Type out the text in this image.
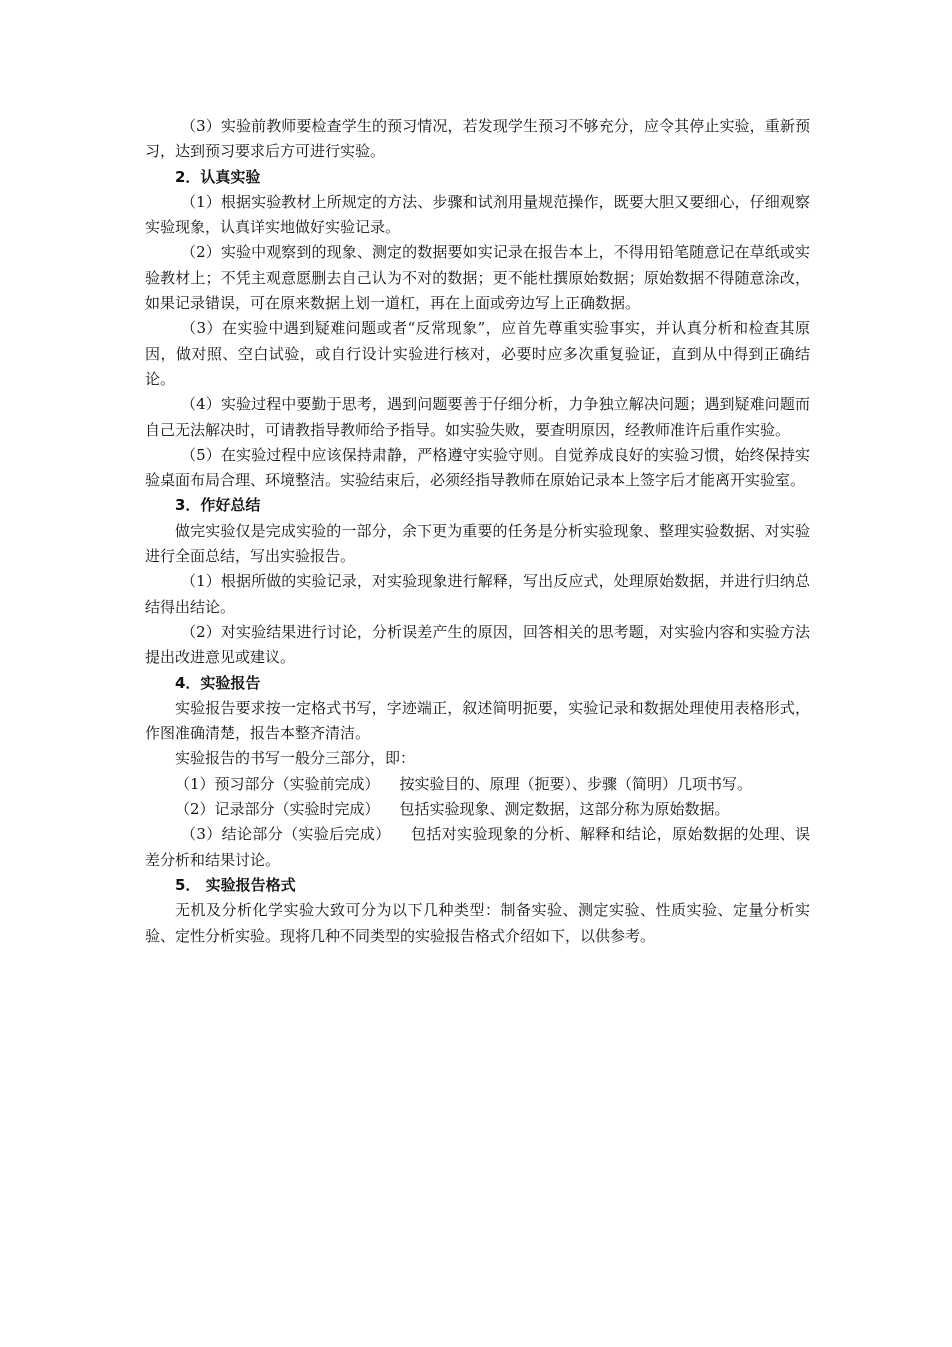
（3）实验前教师要检查学生的预习情况，若发现学生预习不够充分，应令其停止实验，重新预习，达到预习要求后方可进行实验。

2．认真实验

（1）根据实验教材上所规定的方法、步骤和试剂用量规范操作，既要大胆又要细心，仔细观察实验现象，认真详实地做好实验记录。

（2）实验中观察到的现象、测定的数据要如实记录在报告本上，不得用铅笔随意记在草纸或实验教材上；不凭主观意愿删去自己认为不对的数据；更不能杜撰原始数据；原始数据不得随意涂改，如果记录错误，可在原来数据上划一道杠，再在上面或旁边写上正确数据。

（3）在实验中遇到疑难问题或者“反常现象”，应首先尊重实验事实，并认真分析和检查其原因，做对照、空白试验，或自行设计实验进行核对，必要时应多次重复验证，直到从中得到正确结论。

（4）实验过程中要勤于思考，遇到问题要善于仔细分析，力争独立解决问题；遇到疑难问题而自己无法解决时，可请教指导教师给予指导。如实验失败，要查明原因，经教师准许后重作实验。

（5）在实验过程中应该保持肃静，严格遵守实验守则。自觉养成良好的实验习惯，始终保持实验桌面布局合理、环境整洁。实验结束后，必须经指导教师在原始记录本上签字后才能离开实验室。

3．作好总结

做完实验仅是完成实验的一部分，余下更为重要的任务是分析实验现象、整理实验数据、对实验进行全面总结，写出实验报告。

（1）根据所做的实验记录，对实验现象进行解释，写出反应式，处理原始数据，并进行归纳总结得出结论。

（2）对实验结果进行讨论，分析误差产生的原因，回答相关的思考题，对实验内容和实验方法提出改进意见或建议。

4．实验报告

实验报告要求按一定格式书写，字迹端正，叙述简明扼要，实验记录和数据处理使用表格形式，作图准确清楚，报告本整齐清洁。

实验报告的书写一般分三部分，即：

（1）预习部分（实验前完成） 按实验目的、原理（扼要）、步骤（简明）几项书写。

（2）记录部分（实验时完成） 包括实验现象、测定数据，这部分称为原始数据。

（3）结论部分（实验后完成） 包括对实验现象的分析、解释和结论，原始数据的处理、误差分析和结果讨论。

5． 实验报告格式

无机及分析化学实验大致可分为以下几种类型：制备实验、测定实验、性质实验、定量分析实验、定性分析实验。现将几种不同类型的实验报告格式介绍如下，以供参考。
